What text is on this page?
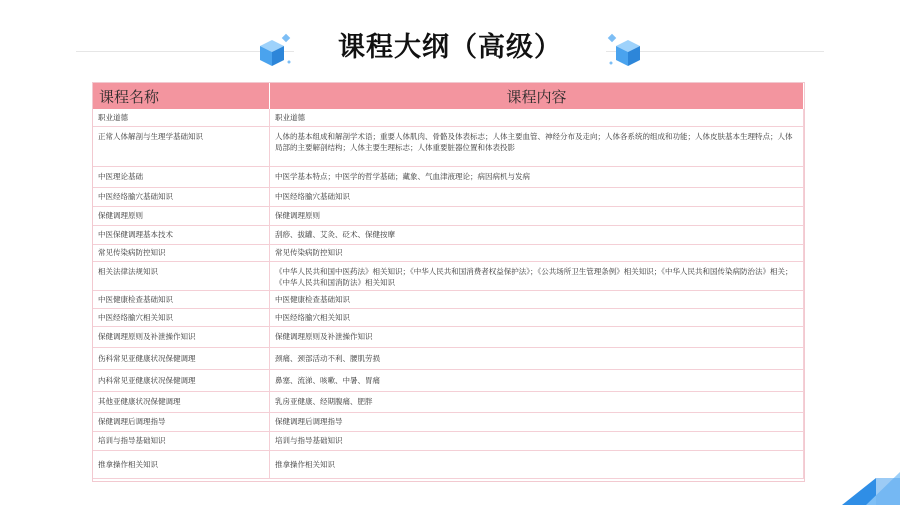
课程大纲（高级）
课程名称	课程内容
职业道德	职业道德
正常人体解剖与生理学基础知识	人体的基本组成和解剖学术语；重要人体肌肉、骨骼及体表标志；人体主要血管、神经分布及走向；人体各系统的组成和功能；人体皮肤基本生理特点；人体局部的主要解剖结构；人体主要生理标志；人体重要脏器位置和体表投影
中医理论基础	中医学基本特点；中医学的哲学基础；藏象、气血津液理论；病因病机与发病
中医经络腧穴基础知识	中医经络腧穴基础知识
保健调理原则	保健调理原则
中医保健调理基本技术	刮痧、拔罐、艾灸、砭术、保健按摩
常见传染病防控知识	常见传染病防控知识
相关法律法规知识	《中华人民共和国中医药法》相关知识；《中华人民共和国消费者权益保护法》；《公共场所卫生管理条例》相关知识；《中华人民共和国传染病防治法》相关；《中华人民共和国消防法》相关知识
中医健康检查基础知识	中医健康检查基础知识
中医经络腧穴相关知识	中医经络腧穴相关知识
保健调理原则及补泄操作知识	保健调理原则及补泄操作知识
伤科常见亚健康状况保健调理	颈痛、颈部活动不利、腰肌劳损
内科常见亚健康状况保健调理	鼻塞、流涕、咳嗽、中暑、胃痛
其他亚健康状况保健调理	乳房亚健康、经期腹痛、肥胖
保健调理后调理指导	保健调理后调理指导
培训与指导基础知识	培训与指导基础知识
推拿操作相关知识	推拿操作相关知识
